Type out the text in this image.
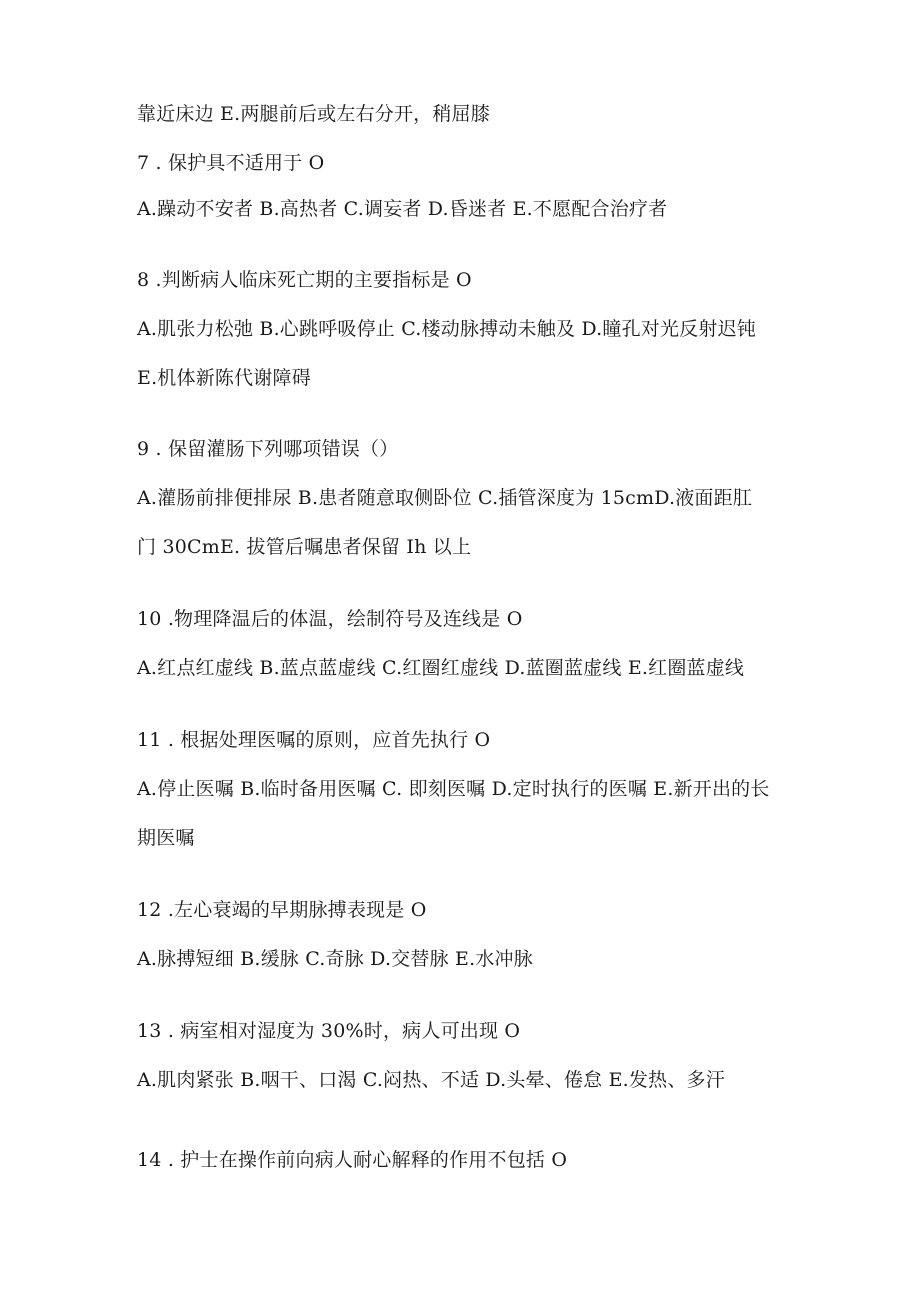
靠近床边 E.两腿前后或左右分开，稍屈膝
7 . 保护具不适用于 O
A.躁动不安者 B.高热者 C.调妄者 D.昏迷者 E.不愿配合治疗者
8 .判断病人临床死亡期的主要指标是 O
A.肌张力松弛 B.心跳呼吸停止 C.楼动脉搏动未触及 D.瞳孔对光反射迟钝
E.机体新陈代谢障碍
9 . 保留灌肠下列哪项错误（）
A.灌肠前排便排尿 B.患者随意取侧卧位 C.插管深度为 15cmD.液面距肛
门 30CmE. 拔管后嘱患者保留 Ih 以上
10 .物理降温后的体温，绘制符号及连线是 O
A.红点红虚线 B.蓝点蓝虚线 C.红圈红虚线 D.蓝圈蓝虚线 E.红圈蓝虚线
11 . 根据处理医嘱的原则，应首先执行 O
A.停止医嘱 B.临时备用医嘱 C. 即刻医嘱 D.定时执行的医嘱 E.新开出的长
期医嘱
12 .左心衰竭的早期脉搏表现是 O
A.脉搏短细 B.缓脉 C.奇脉 D.交替脉 E.水冲脉
13 . 病室相对湿度为 30%时，病人可出现 O
A.肌肉紧张 B.咽干、口渴 C.闷热、不适 D.头晕、倦怠 E.发热、多汗
14 . 护士在操作前向病人耐心解释的作用不包括 O
